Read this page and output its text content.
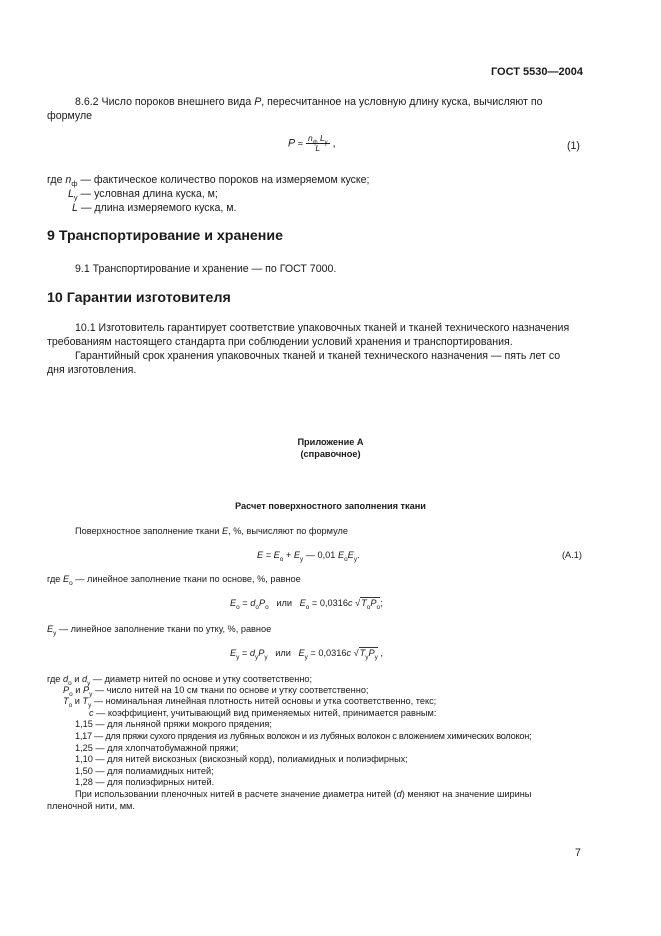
ГОСТ 5530—2004
8.6.2 Число пороков внешнего вида P, пересчитанное на условную длину куска, вычисляют по
формуле
$P \approx \frac{n_ф L_у}{L}$ ,	(1)
где $n_ф$ — фактическое количество пороков на измеряемом куске;
$L_у$ — условная длина куска, м;
L — длина измеряемого куска, м.
9 Транспортирование и хранение
9.1 Транспортирование и хранение — по ГОСТ 7000.
10 Гарантии изготовителя
10.1 Изготовитель гарантирует соответствие упаковочных тканей и тканей технического назначения
требованиям настоящего стандарта при соблюдении условий хранения и транспортирования.
Гарантийный срок хранения упаковочных тканей и тканей технического назначения — пять лет со
дня изготовления.
Приложение А
(справочное)
Расчет поверхностного заполнения ткани
Поверхностное заполнение ткани E, %, вычисляют по формуле
$E = E_о + E_у$ — 0,01 $E_оE_у$.	(А.1)
где $E_о$ — линейное заполнение ткани по основе, %, равное
$E_о = d_оP_о$   или   $E_о = 0,0316c$ $√T_оP_о$;
$E_у$ — линейное заполнение ткани по утку, %, равное
$E_у = d_уP_у$   или   $E_у = 0,0316c$ $√T_уP_у$ ,
где $d_о$ и $d_у$ — диаметр нитей по основе и утку соответственно;
$P_о$ и $P_у$ — число нитей на 10 см ткани по основе и утку соответственно;
$T_о$ и $T_у$ — номинальная линейная плотность нитей основы и утка соответственно, текс;
c — коэффициент, учитывающий вид применяемых нитей, принимается равным:
1,15 — для льняной пряжи мокрого прядения;
1,17 — для пряжи сухого прядения из лубяных волокон и из лубяных волокон с вложением химических волокон;
1,25 — для хлопчатобумажной пряжи;
1,10 — для нитей вискозных (вискозный корд), полиамидных и полиэфирных;
1,50 — для полиамидных нитей;
1,28 — для полиэфирных нитей.
При использовании пленочных нитей в расчете значение диаметра нитей (d) меняют на значение ширины
пленочной нити, мм.
7
